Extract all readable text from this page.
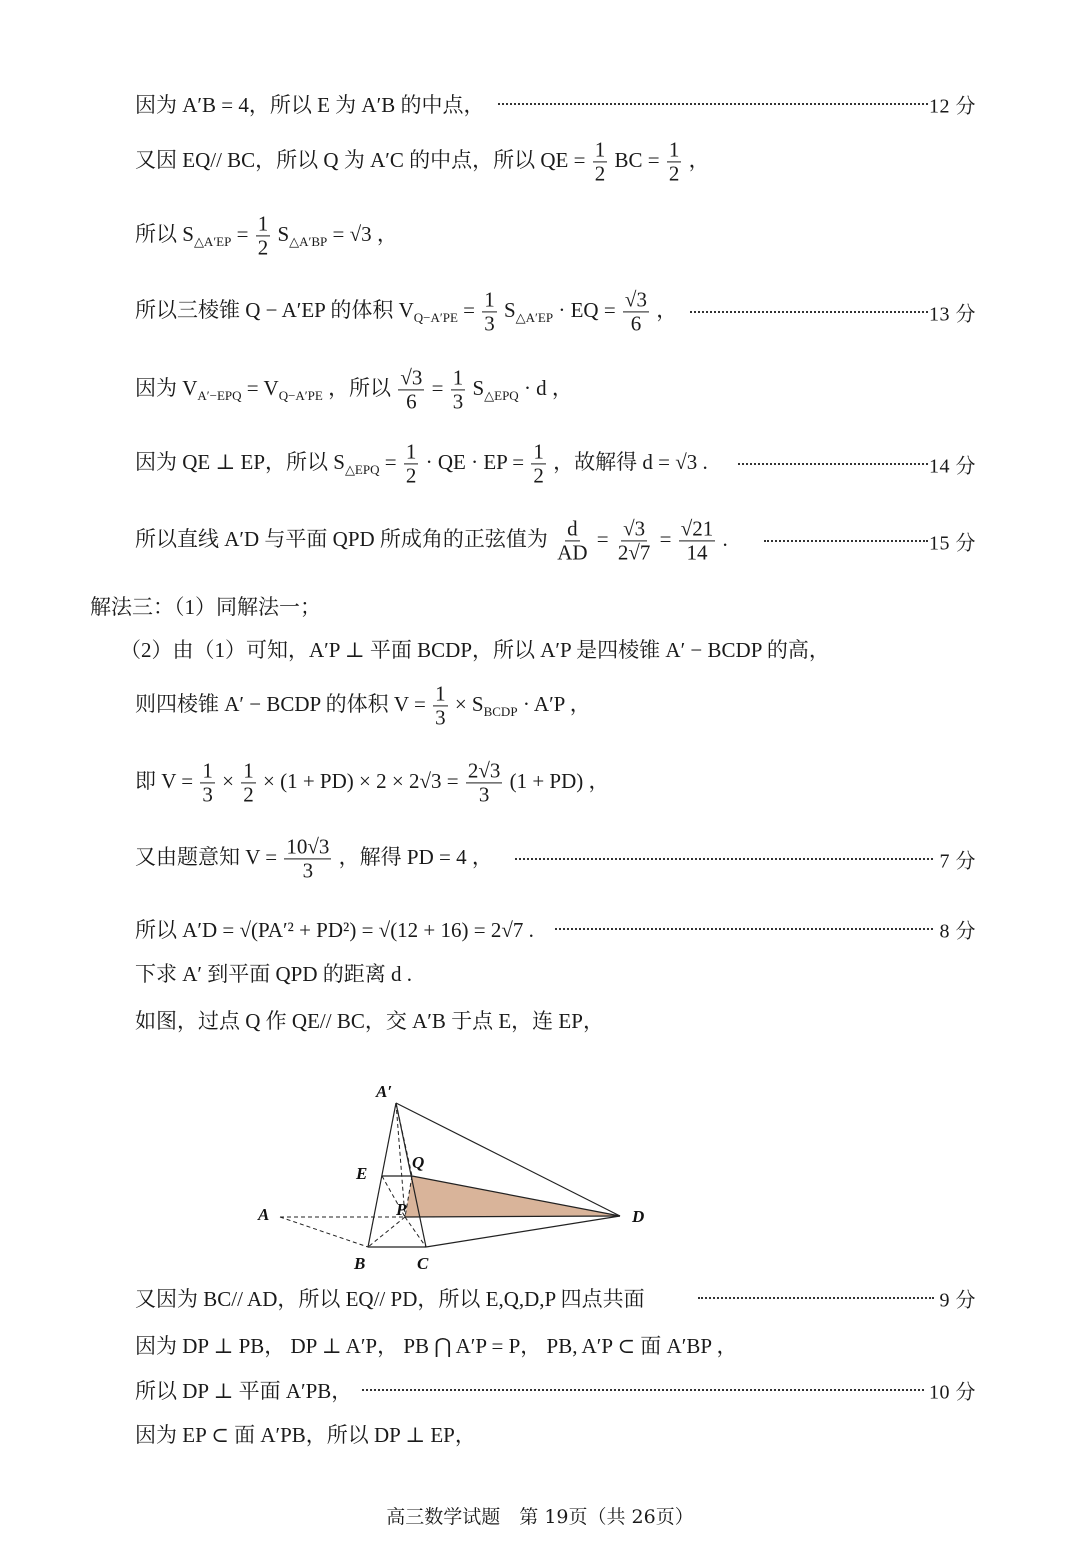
因为 A′B = 4，所以 E 为 A′B 的中点，	12 分
又因 EQ// BC，所以 Q 为 A′C 的中点，所以 QE = $\frac{1}{2}$ BC = $\frac{1}{2}$ ，
所以 $S_{\triangle A'EP} = \frac{1}{2} S_{\triangle A'BP} = √3$ ，
所以三棱锥 Q − A′EP 的体积 $V_{Q-A'PE} = \frac{1}{3} S_{\triangle A'EP}$ · EQ = $\frac{√3}{6}$ ，	13 分
因为 $V_{A'-EPQ} = V_{Q-A'PE}$ ，所以 $\frac{√3}{6} = \frac{1}{3} S_{\triangle EPQ} \cdot d$ ，
因为 QE ⊥ EP，所以 $S_{\triangle EPQ} = \frac{1}{2}$ · QE · EP = $\frac{1}{2}$ ，故解得 d = √3 .	14 分
所以直线 A′D 与平面 QPD 所成角的正弦值为 $\frac{d}{AD} = \frac{√3}{2√7} = \frac{√21}{14}$ .	15 分
解法三：（1）同解法一；
（2）由（1）可知，A′P ⊥ 平面 BCDP，所以 A′P 是四棱锥 A′ − BCDP 的高，
则四棱锥 A′ − BCDP 的体积 $V = \frac{1}{3} \times S_{BCDP} \cdot A'P$ ，
即 $V = \frac{1}{3} \times \frac{1}{2} \times (1 + PD) \times 2 \times 2√3 = \frac{2√3}{3} (1 + PD)$ ，
又由题意知 $V = \frac{10√3}{3}$ ，解得 PD = 4 ，	7 分
所以 A′D = √(PA′² + PD²) = √(12 + 16) = 2√7 .	8 分
下求 A′ 到平面 QPD 的距离 d .
如图，过点 Q 作 QE// BC，交 A′B 于点 E，连 EP，
A′
E
Q
A	P	D
B	C
又因为 BC// AD，所以 EQ// PD，所以 E,Q,D,P 四点共面	9 分
因为 DP ⊥ PB， DP ⊥ A′P， PB ⋂ A′P = P， PB, A′P ⊂ 面 A′BP ，
所以 DP ⊥ 平面 A′PB，	10 分
因为 EP ⊂ 面 A′PB，所以 DP ⊥ EP，
高三数学试题　第 19页（共 26页）
